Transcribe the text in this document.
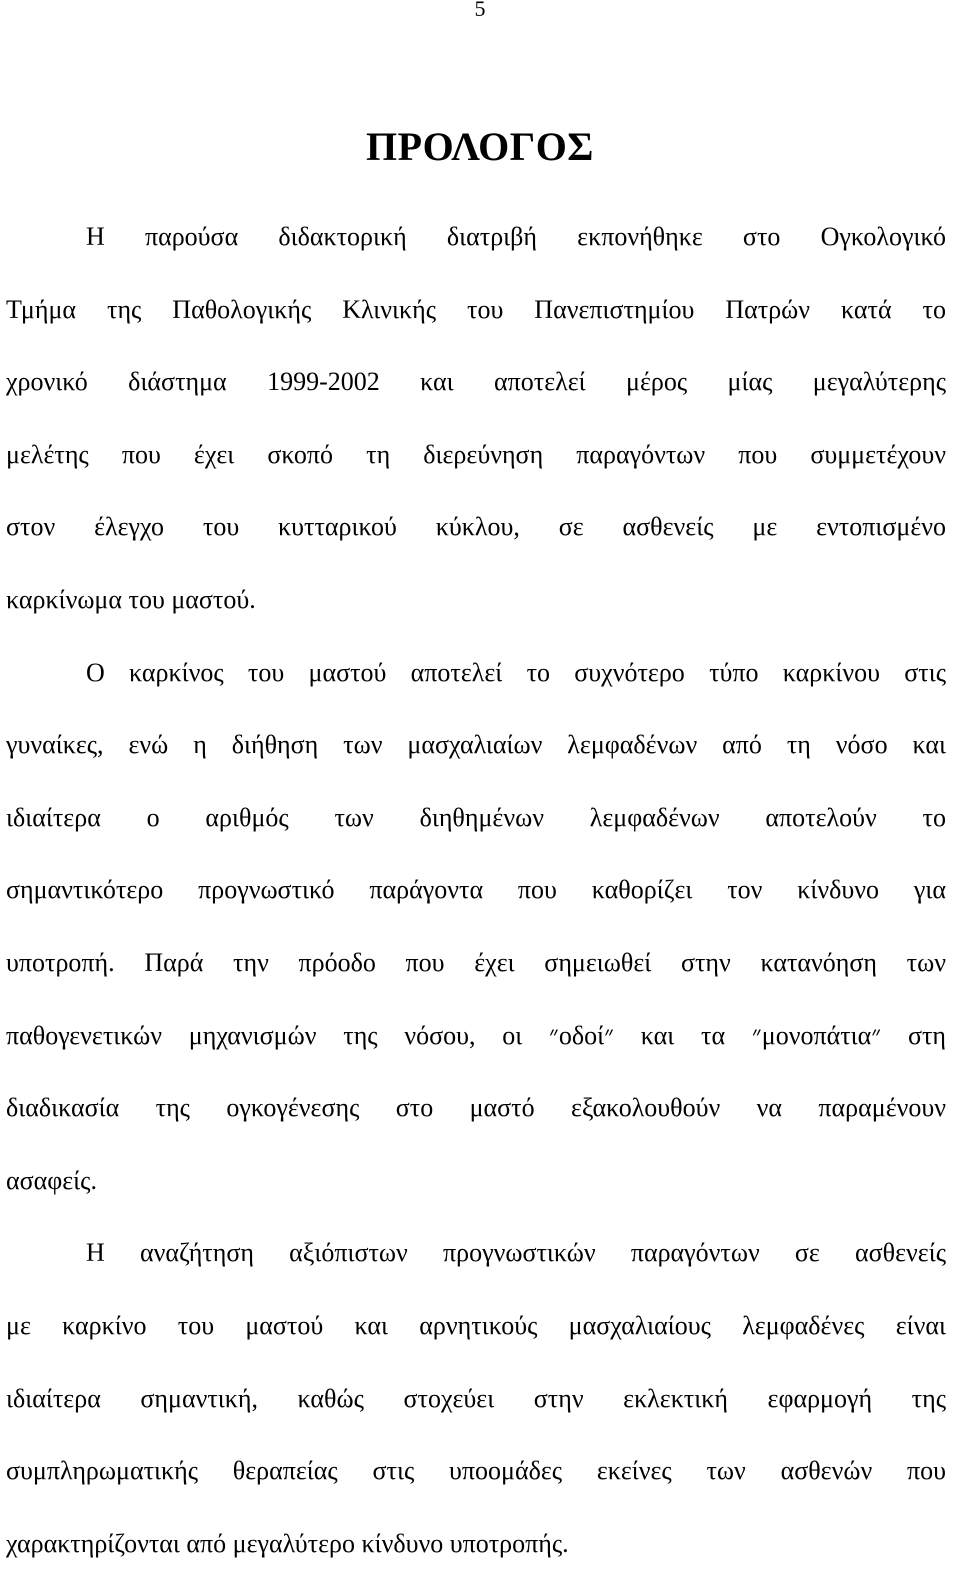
5
ΠΡΟΛΟΓΟΣ
Η παρούσα διδακτορική διατριβή εκπονήθηκε στο Ογκολογικό
Τμήμα της Παθολογικής Κλινικής του Πανεπιστημίου Πατρών κατά το
χρονικό διάστημα 1999-2002 και αποτελεί μέρος μίας μεγαλύτερης
μελέτης που έχει σκοπό τη διερεύνηση παραγόντων που συμμετέχουν
στον έλεγχο του κυτταρικού κύκλου, σε ασθενείς με εντοπισμένο
καρκίνωμα του μαστού.
Ο καρκίνος του μαστού αποτελεί το συχνότερο τύπο καρκίνου στις
γυναίκες, ενώ η διήθηση των μασχαλιαίων λεμφαδένων από τη νόσο και
ιδιαίτερα ο αριθμός των διηθημένων λεμφαδένων αποτελούν το
σημαντικότερο προγνωστικό παράγοντα που καθορίζει τον κίνδυνο για
υποτροπή. Παρά την πρόοδο που έχει σημειωθεί στην κατανόηση των
παθογενετικών μηχανισμών της νόσου, οι ״οδοί״ και τα ״μονοπάτια״ στη
διαδικασία της ογκογένεσης στο μαστό εξακολουθούν να παραμένουν
ασαφείς.
Η αναζήτηση αξιόπιστων προγνωστικών παραγόντων σε ασθενείς
με καρκίνο του μαστού και αρνητικούς μασχαλιαίους λεμφαδένες είναι
ιδιαίτερα σημαντική, καθώς στοχεύει στην εκλεκτική εφαρμογή της
συμπληρωματικής θεραπείας στις υποομάδες εκείνες των ασθενών που
χαρακτηρίζονται από μεγαλύτερο κίνδυνο υποτροπής.
